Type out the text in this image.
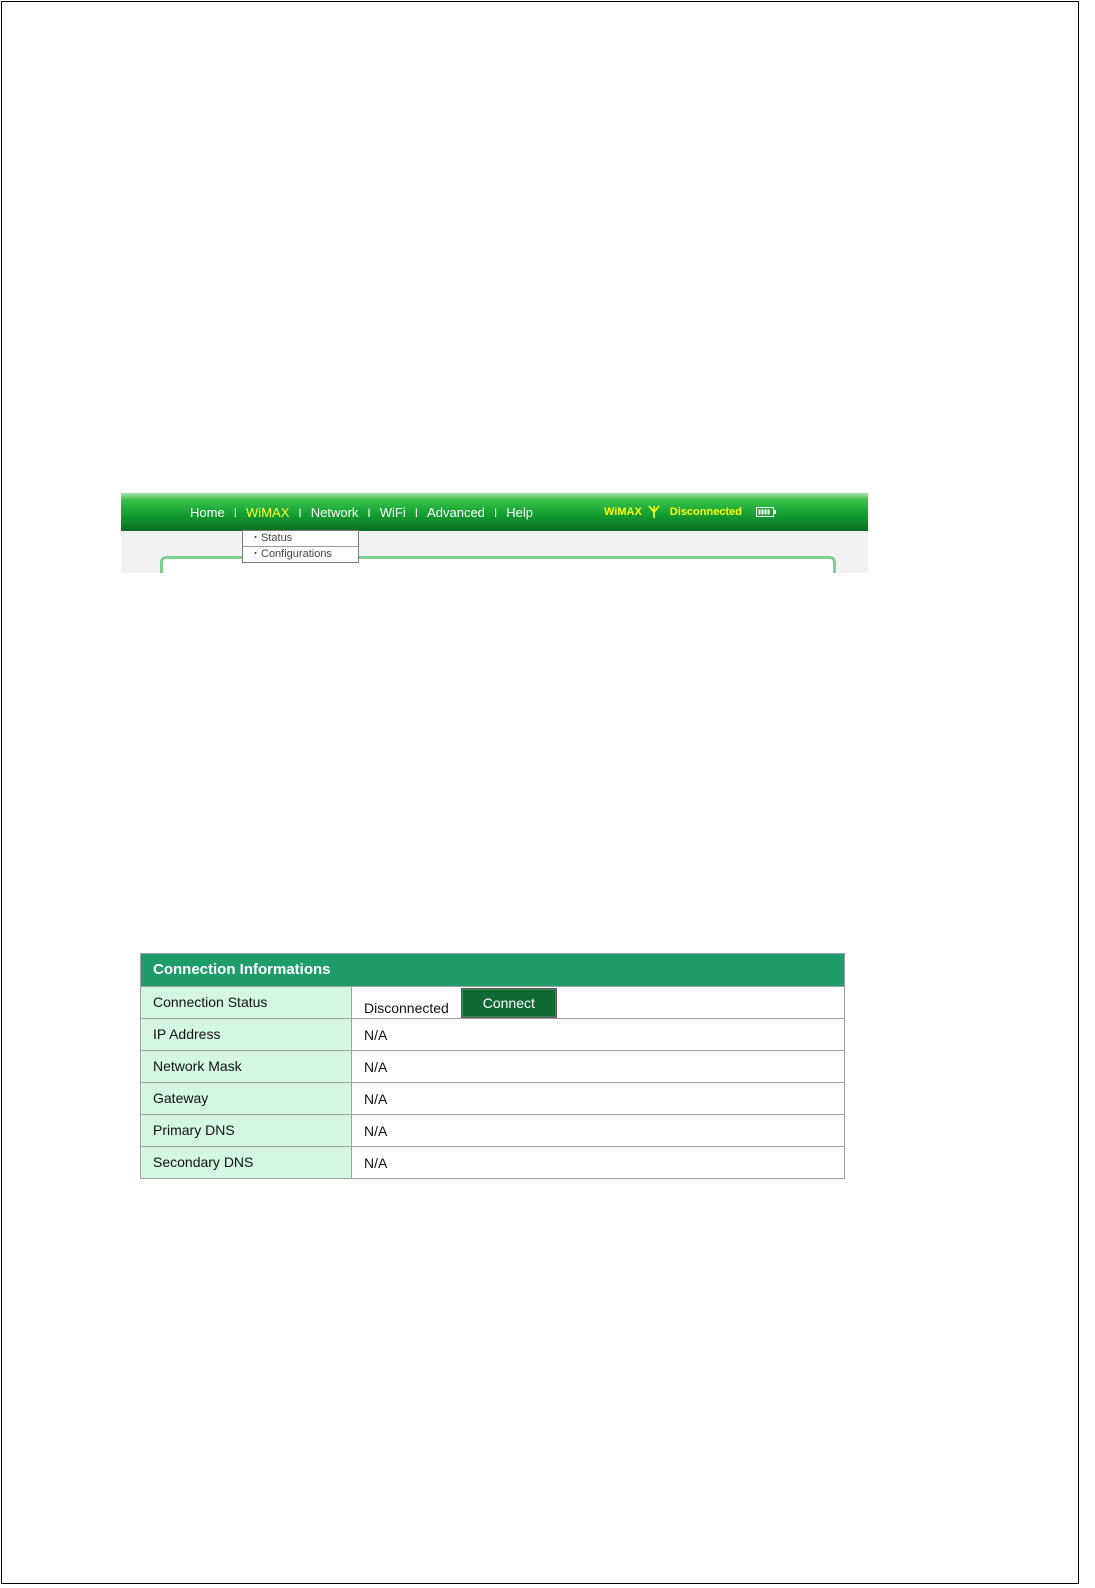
Home I WiMAX I Network I WiFi I Advanced I Help	WiMAX	Disconnected
・Status
・Configurations
Connection Informations
Connection Status	Disconnected	Connect
IP Address	N/A
Network Mask	N/A
Gateway	N/A
Primary DNS	N/A
Secondary DNS	N/A
